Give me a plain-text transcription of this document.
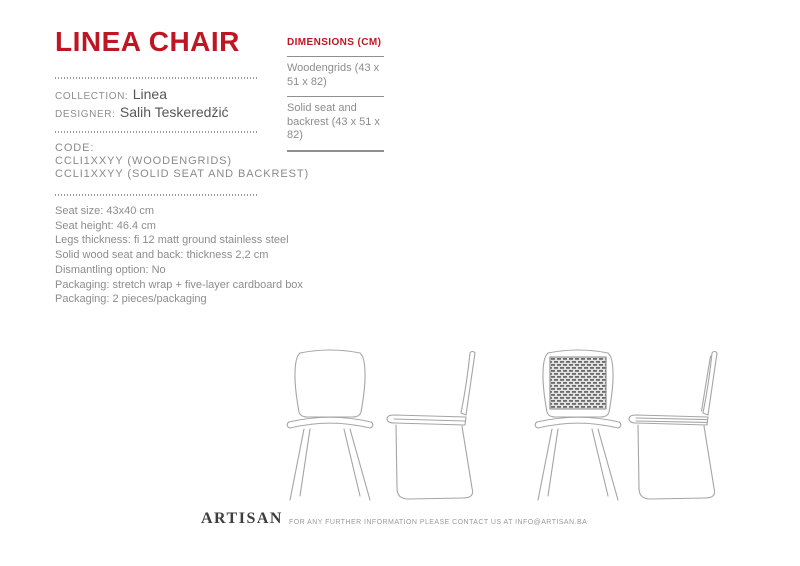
LINEA CHAIR
COLLECTION: Linea
DESIGNER: Salih Teskeredžić
CODE:
CCLI1XXYY (WOODENGRIDS)
CCLI1XXYY (SOLID SEAT AND BACKREST)
Seat size: 43x40 cm
Seat height: 46.4 cm
Legs thickness: fi 12 matt ground stainless steel
Solid wood seat and back: thickness 2,2 cm
Dismantling option: No
Packaging: stretch wrap + five-layer cardboard box
Packaging: 2 pieces/packaging
DIMENSIONS (CM)
Woodengrids (43 x 51 x 82)
Solid seat and backrest (43 x 51 x 82)
ARTISAN FOR ANY FURTHER INFORMATION PLEASE CONTACT US AT INFO@ARTISAN.BA
